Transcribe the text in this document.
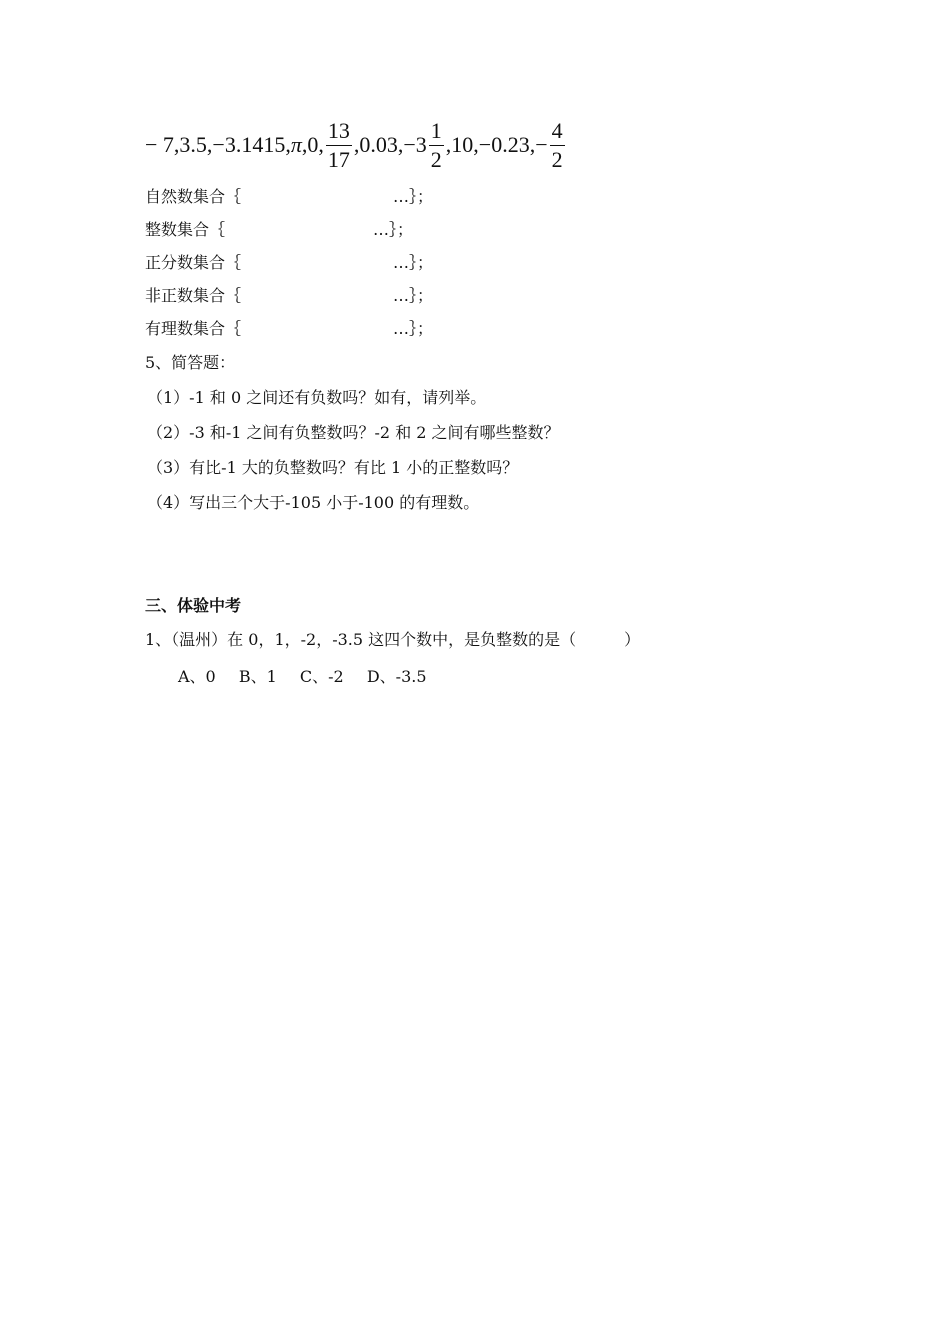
− 7,3.5,−3.1415, π ,0, $\frac{13}{17} ,0.03,-3 \frac{1}{2} ,10,-0.23,- \frac{4}{2}$
自然数集合｛	…｝；
整数集合｛	…｝；
正分数集合｛	…｝；
非正数集合｛	…｝；
有理数集合｛	…｝；
5、简答题：
（1）-1 和 0 之间还有负数吗？如有，请列举。
（2）-3 和-1 之间有负整数吗？-2 和 2 之间有哪些整数？
（3）有比-1 大的负整数吗？有比 1 小的正整数吗？
（4）写出三个大于-105 小于-100 的有理数。
三、体验中考
1、（温州）在 0，1，-2，-3.5 这四个数中，是负整数的是（　　　）
A、0 B、1 C、-2 D、-3.5
